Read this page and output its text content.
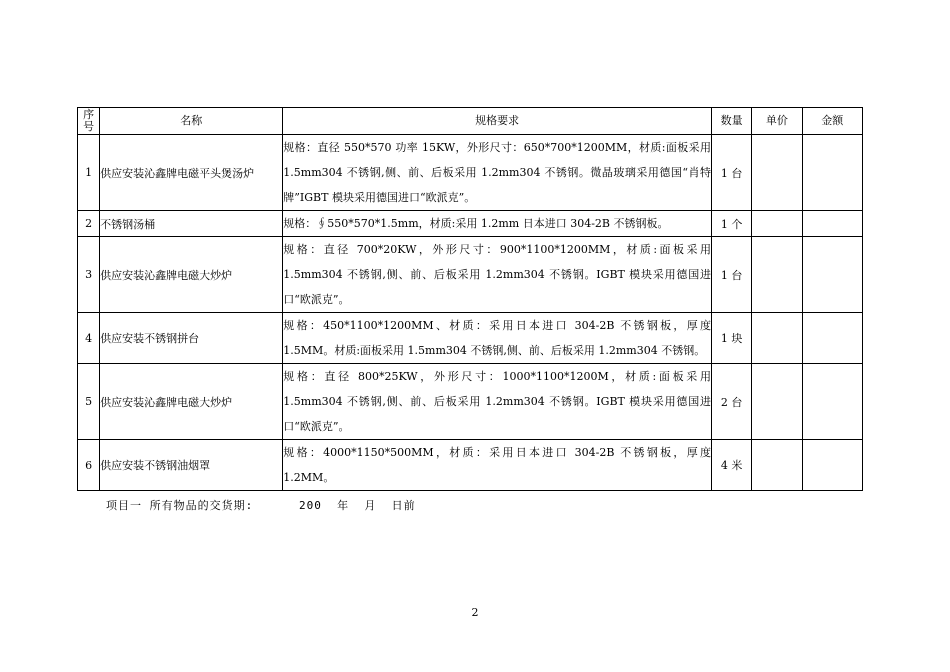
序
号	名称	规格要求	数量	单价	金额
1	供应安装沁鑫牌电磁平头煲汤炉	规格：直径 550*570 功率 15KW，外形尺寸：650*700*1200MM，材质:面板采用 1.5mm304 不锈钢,侧、前、后板采用 1.2mm304 不锈钢。微晶玻璃采用德国“肖特牌”IGBT 模块采用德国进口“欧派克”。	1 台		
2	不锈钢汤桶	规格：∮550*570*1.5mm，材质:采用 1.2mm 日本进口 304-2B 不锈钢板。	1 个		
3	供应安装沁鑫牌电磁大炒炉	规格：直径 700*20KW，外形尺寸：900*1100*1200MM，材质:面板采用 1.5mm304 不锈钢,侧、前、后板采用 1.2mm304 不锈钢。IGBT 模块采用德国进口“欧派克”。	1 台		
4	供应安装不锈钢拼台	规格：450*1100*1200MM、材质：采用日本进口 304-2B 不锈钢板，厚度 1.5MM。材质:面板采用 1.5mm304 不锈钢,侧、前、后板采用 1.2mm304 不锈钢。	1 块		
5	供应安装沁鑫牌电磁大炒炉	规格：直径 800*25KW，外形尺寸：1000*1100*1200M，材质:面板采用 1.5mm304 不锈钢,侧、前、后板采用 1.2mm304 不锈钢。IGBT 模块采用德国进口“欧派克”。	2 台		
6	供应安装不锈钢油烟罩	规格：4000*1150*500MM，材质：采用日本进口 304-2B 不锈钢板，厚度 1.2MM。	4 米		
项目一 所有物品的交货期:      200  年  月  日前
2
